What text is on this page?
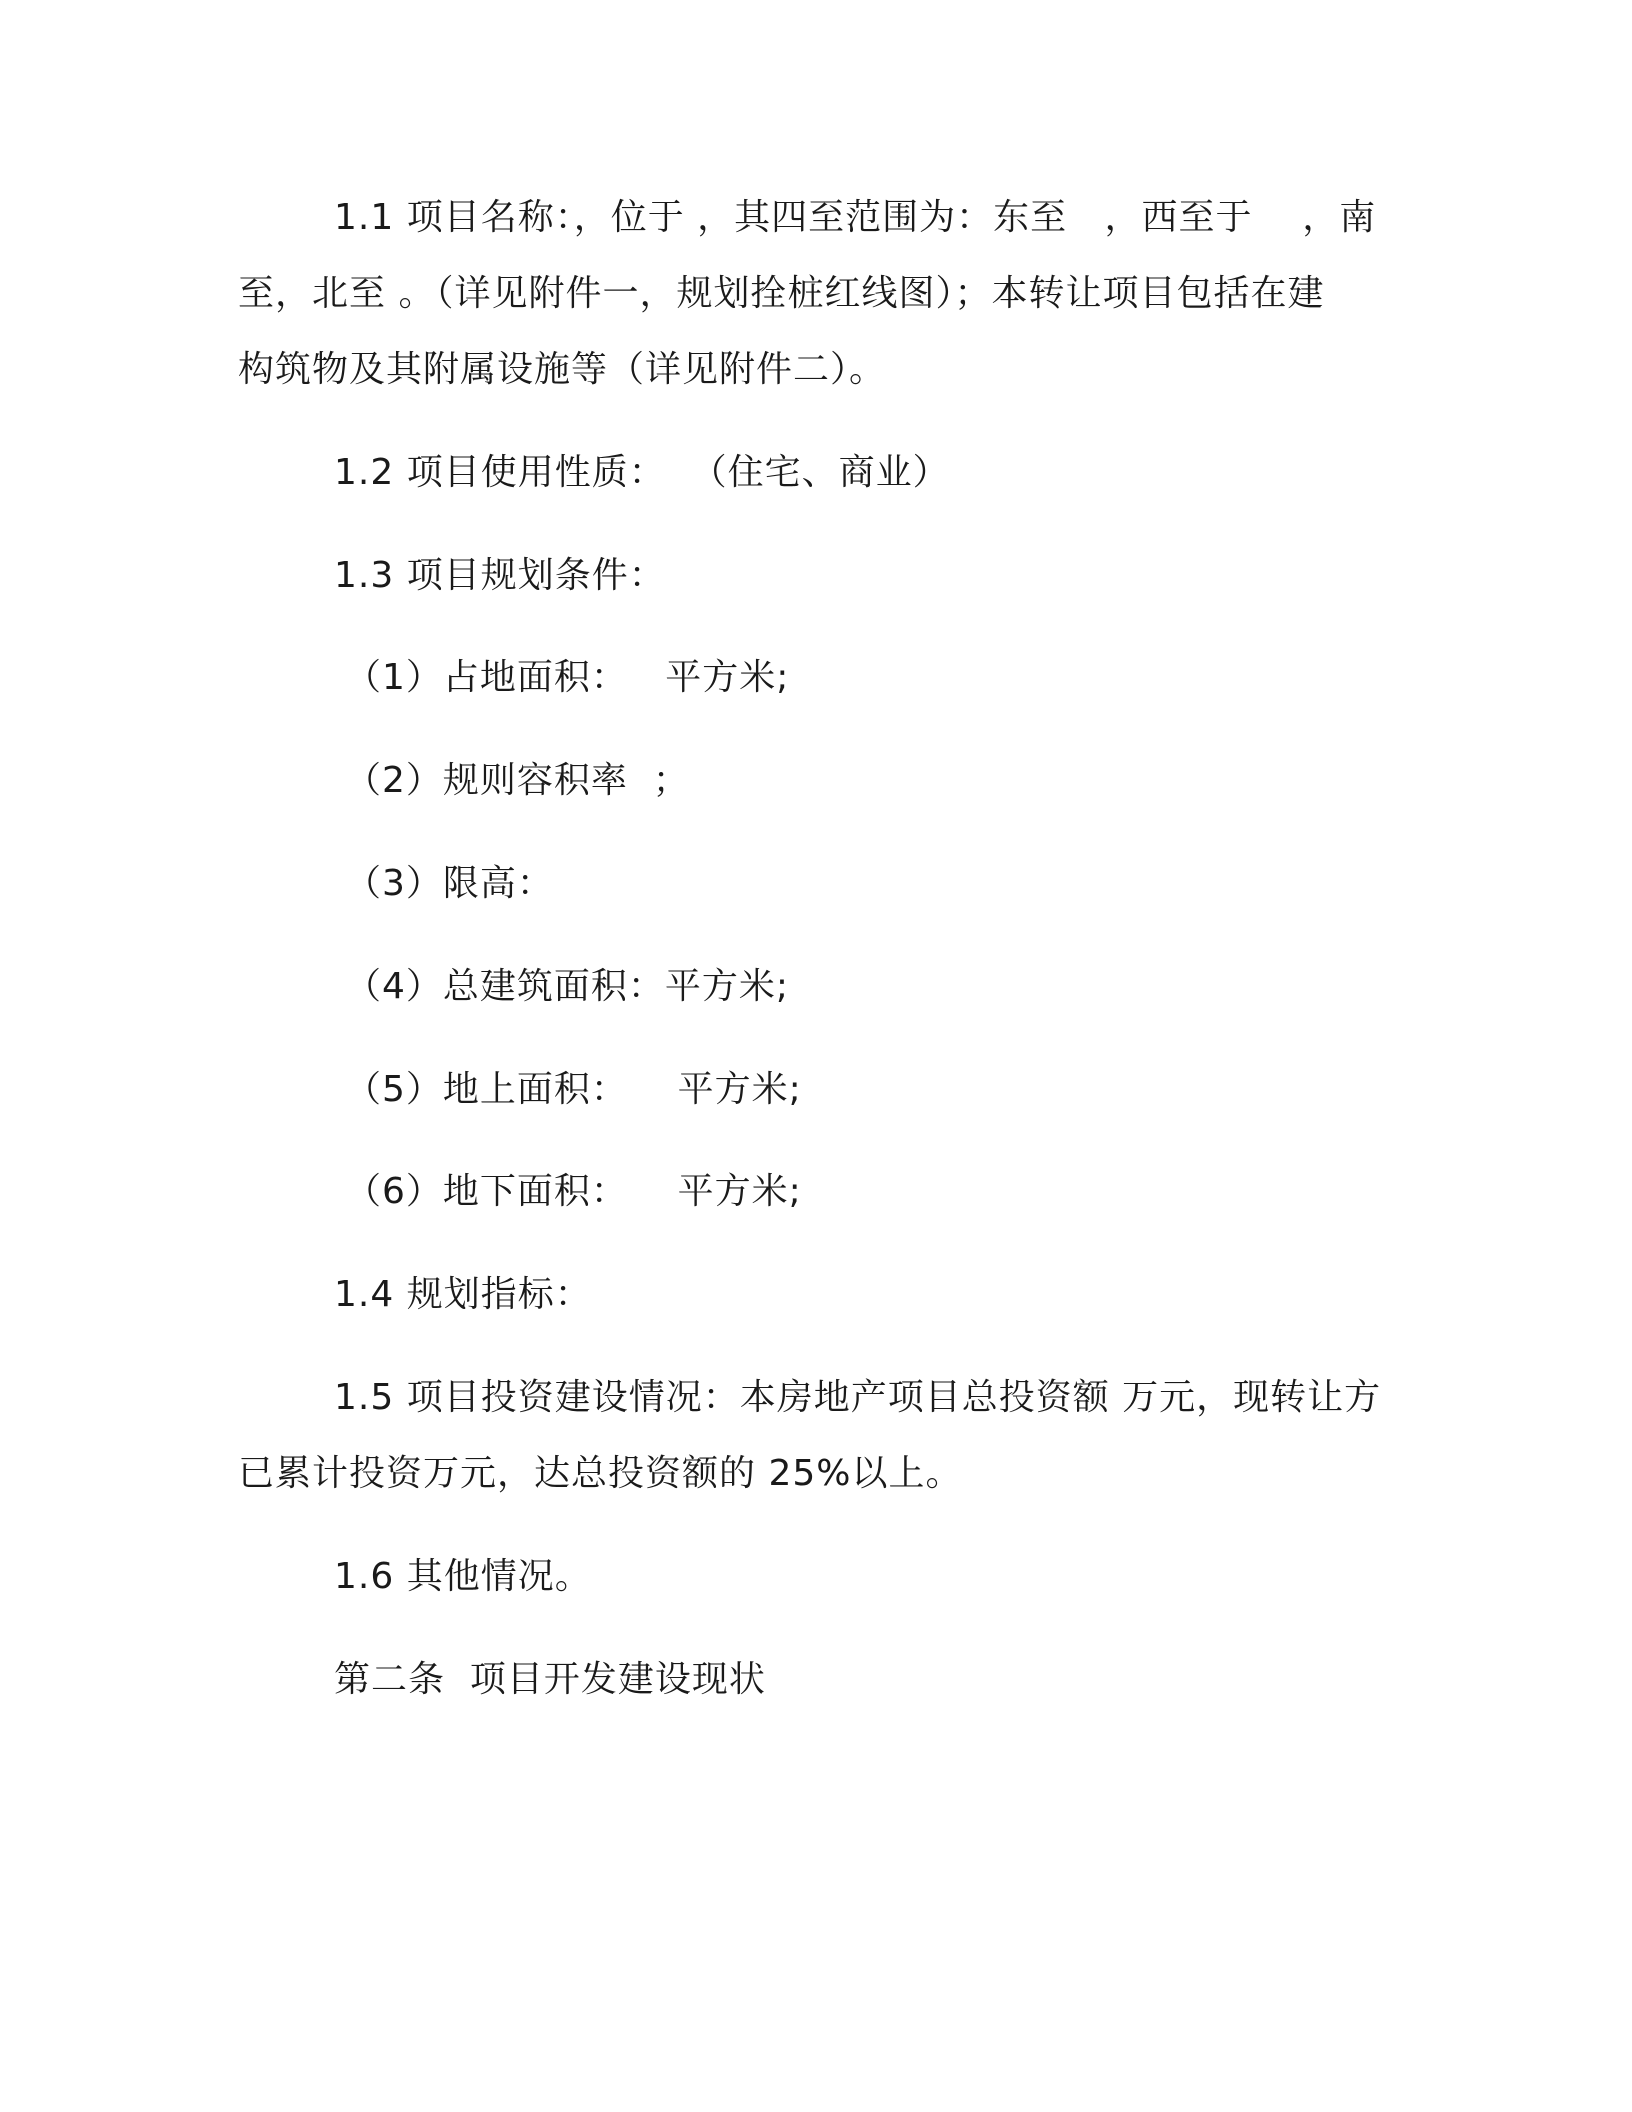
1.1 项目名称：，位于 ，其四至范围为：东至   ，西至于    ，南
至，北至 。（详见附件一，规划拴桩红线图）；本转让项目包括在建
构筑物及其附属设施等（详见附件二）。
1.2 项目使用性质：  （住宅、商业）
1.3 项目规划条件：
（1）占地面积：   平方米;
（2）规则容积率  ；
（3）限高：
（4）总建筑面积：平方米;
（5）地上面积：    平方米;
（6）地下面积：    平方米;
1.4 规划指标：
1.5 项目投资建设情况：本房地产项目总投资额 万元，现转让方
已累计投资万元，达总投资额的 25%以上。
1.6 其他情况。
第二条  项目开发建设现状
